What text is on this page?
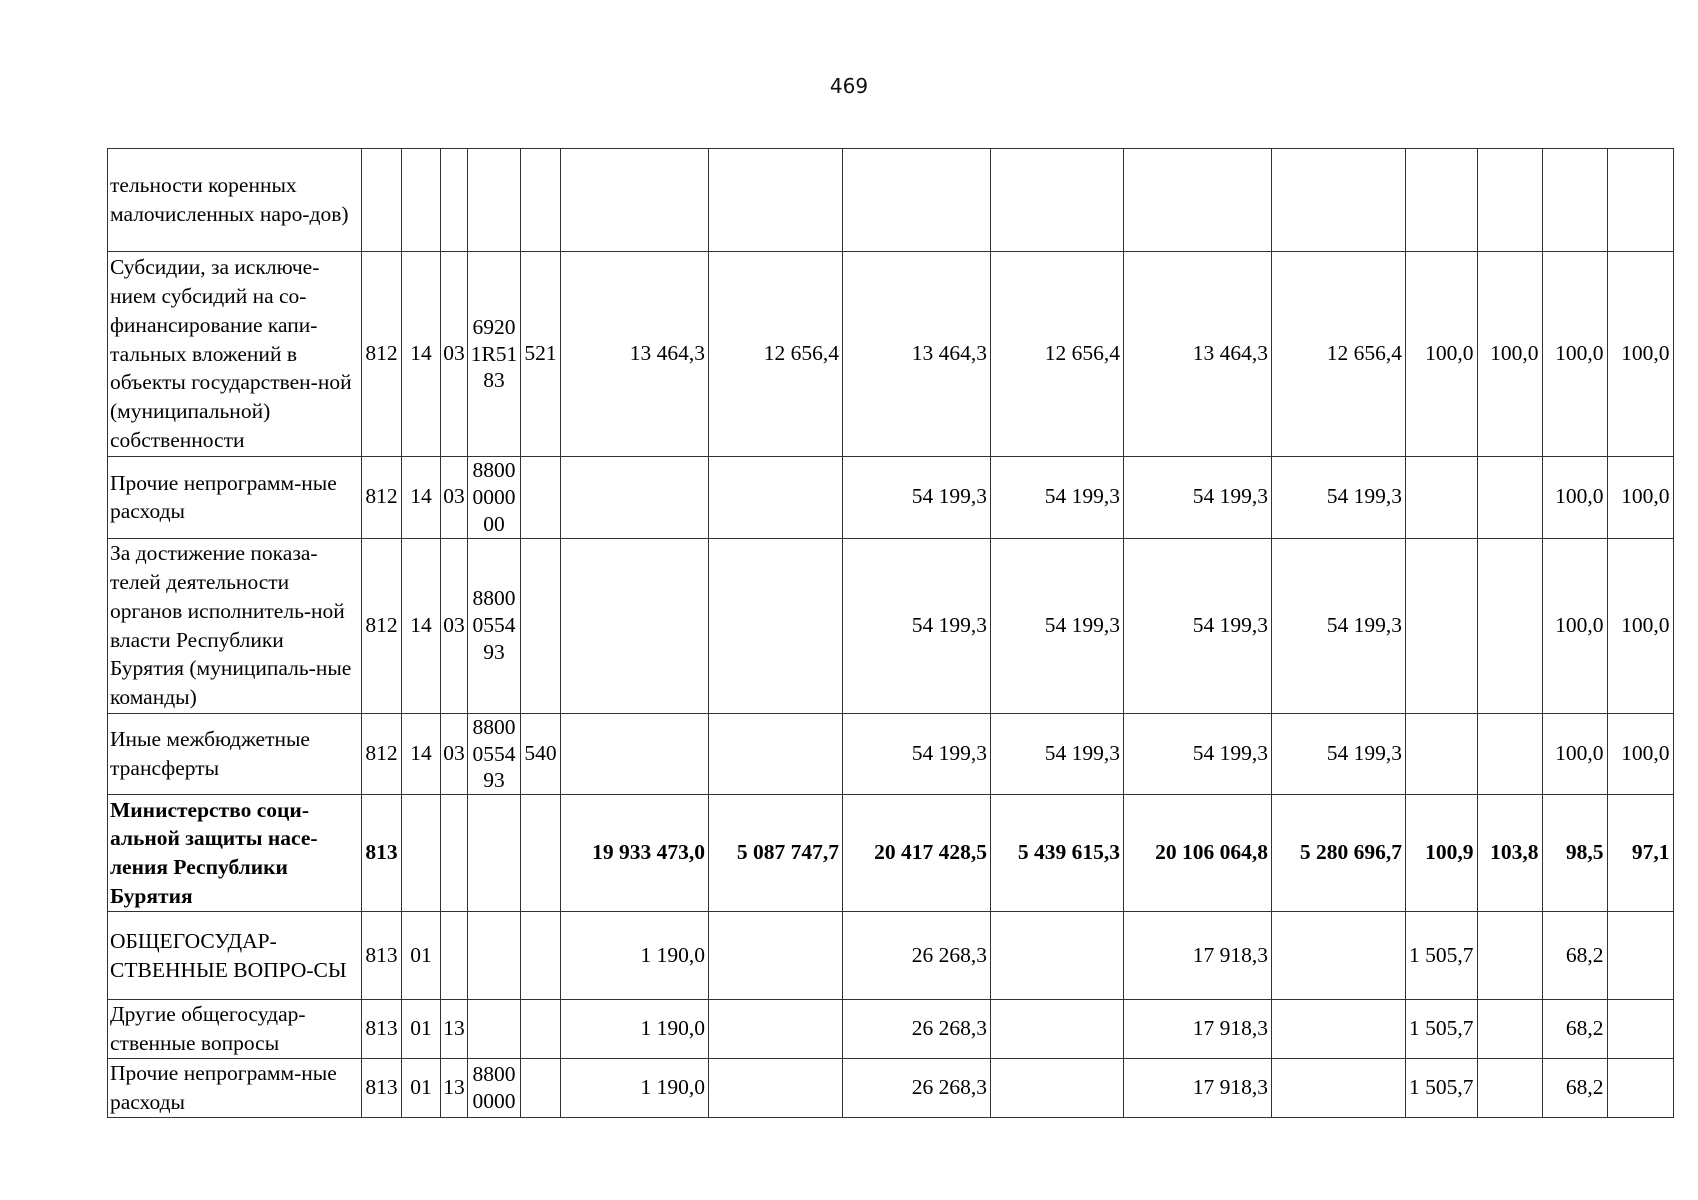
469
тельности коренных малочисленных наро-дов)															
Субсидии, за исключе-нием субсидий на со-финансирование капи-тальных вложений в объекты государствен-ной (муниципальной) собственности	812	14	03	69201R5183	521	13 464,3	12 656,4	13 464,3	12 656,4	13 464,3	12 656,4	100,0	100,0	100,0	100,0
Прочие непрограмм-ные расходы	812	14	03	8800000000				54 199,3	54 199,3	54 199,3	54 199,3			100,0	100,0
За достижение показа-телей деятельности органов исполнитель-ной власти Республики Бурятия (муниципаль-ные команды)	812	14	03	8800055493				54 199,3	54 199,3	54 199,3	54 199,3			100,0	100,0
Иные межбюджетные трансферты	812	14	03	8800055493	540			54 199,3	54 199,3	54 199,3	54 199,3			100,0	100,0
Министерство соци-альной защиты насе-ления Республики Бурятия	813					19 933 473,0	5 087 747,7	20 417 428,5	5 439 615,3	20 106 064,8	5 280 696,7	100,9	103,8	98,5	97,1
ОБЩЕГОСУДАР-СТВЕННЫЕ ВОПРО-СЫ	813	01				1 190,0		26 268,3		17 918,3		1 505,7		68,2	
Другие общегосудар-ственные вопросы	813	01	13			1 190,0		26 268,3		17 918,3		1 505,7		68,2	
Прочие непрограмм-ные расходы	813	01	13	88000000		1 190,0		26 268,3		17 918,3		1 505,7		68,2	
